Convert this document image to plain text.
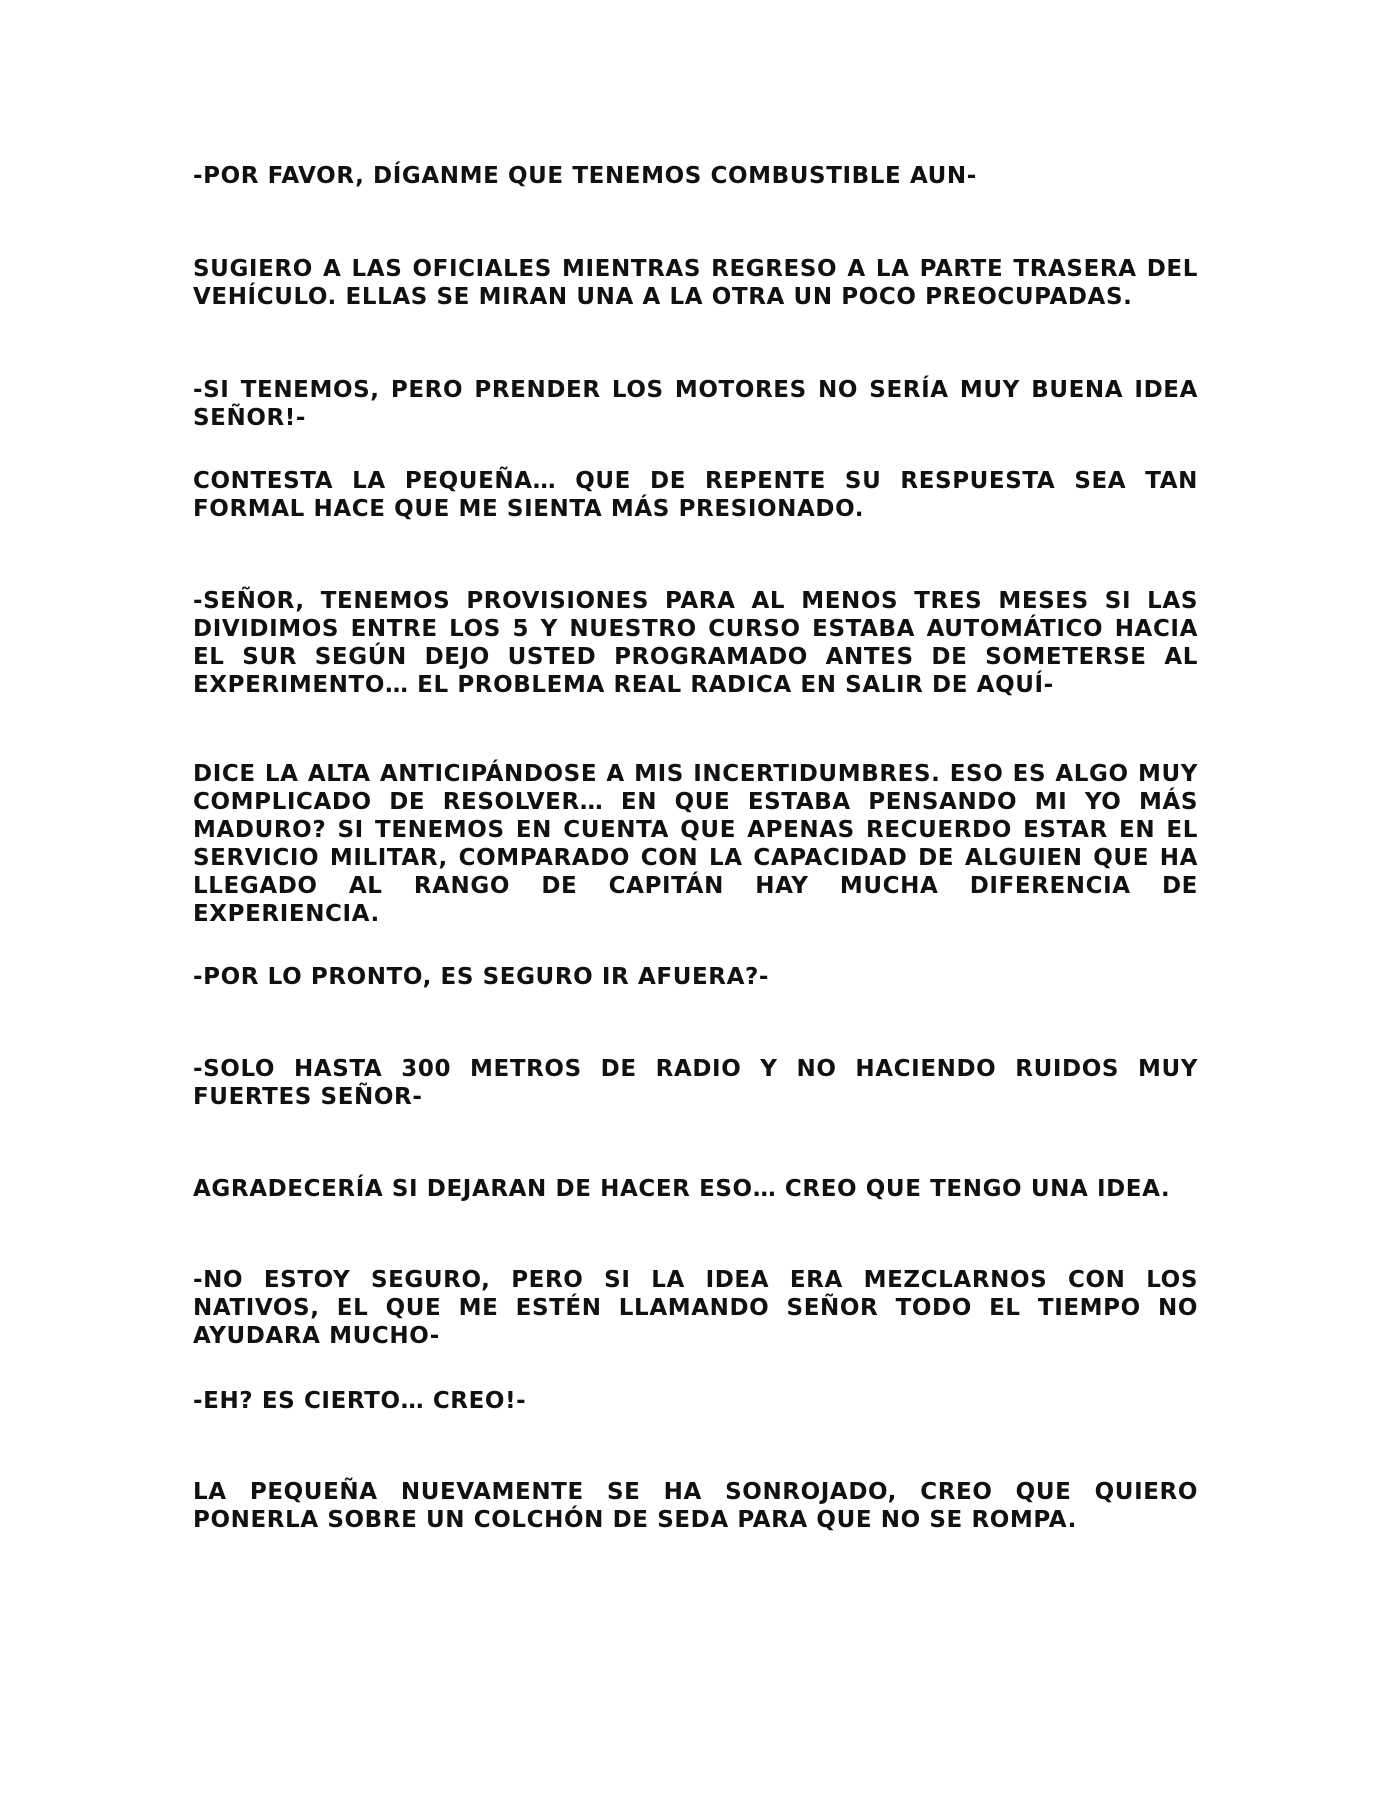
-POR FAVOR, DÍGANME QUE TENEMOS COMBUSTIBLE AUN-

SUGIERO A LAS OFICIALES MIENTRAS REGRESO A LA PARTE TRASERA DEL VEHÍCULO. ELLAS SE MIRAN UNA A LA OTRA UN POCO PREOCUPADAS.

-SI TENEMOS, PERO PRENDER LOS MOTORES NO SERÍA MUY BUENA IDEA SEÑOR!-

CONTESTA LA PEQUEÑA… QUE DE REPENTE SU RESPUESTA SEA TAN FORMAL HACE QUE ME SIENTA MÁS PRESIONADO.

-SEÑOR, TENEMOS PROVISIONES PARA AL MENOS TRES MESES SI LAS DIVIDIMOS ENTRE LOS 5 Y NUESTRO CURSO ESTABA AUTOMÁTICO HACIA EL SUR SEGÚN DEJO USTED PROGRAMADO ANTES DE SOMETERSE AL EXPERIMENTO… EL PROBLEMA REAL RADICA EN SALIR DE AQUÍ-

DICE LA ALTA ANTICIPÁNDOSE A MIS INCERTIDUMBRES. ESO ES ALGO MUY COMPLICADO DE RESOLVER… EN QUE ESTABA PENSANDO MI YO MÁS MADURO? SI TENEMOS EN CUENTA QUE APENAS RECUERDO ESTAR EN EL SERVICIO MILITAR, COMPARADO CON LA CAPACIDAD DE ALGUIEN QUE HA LLEGADO AL RANGO DE CAPITÁN HAY MUCHA DIFERENCIA DE EXPERIENCIA.

-POR LO PRONTO, ES SEGURO IR AFUERA?-

-SOLO HASTA 300 METROS DE RADIO Y NO HACIENDO RUIDOS MUY FUERTES SEÑOR-

AGRADECERÍA SI DEJARAN DE HACER ESO… CREO QUE TENGO UNA IDEA.

-NO ESTOY SEGURO, PERO SI LA IDEA ERA MEZCLARNOS CON LOS NATIVOS, EL QUE ME ESTÉN LLAMANDO SEÑOR TODO EL TIEMPO NO AYUDARA MUCHO-

-EH? ES CIERTO… CREO!-

LA PEQUEÑA NUEVAMENTE SE HA SONROJADO, CREO QUE QUIERO PONERLA SOBRE UN COLCHÓN DE SEDA PARA QUE NO SE ROMPA.
